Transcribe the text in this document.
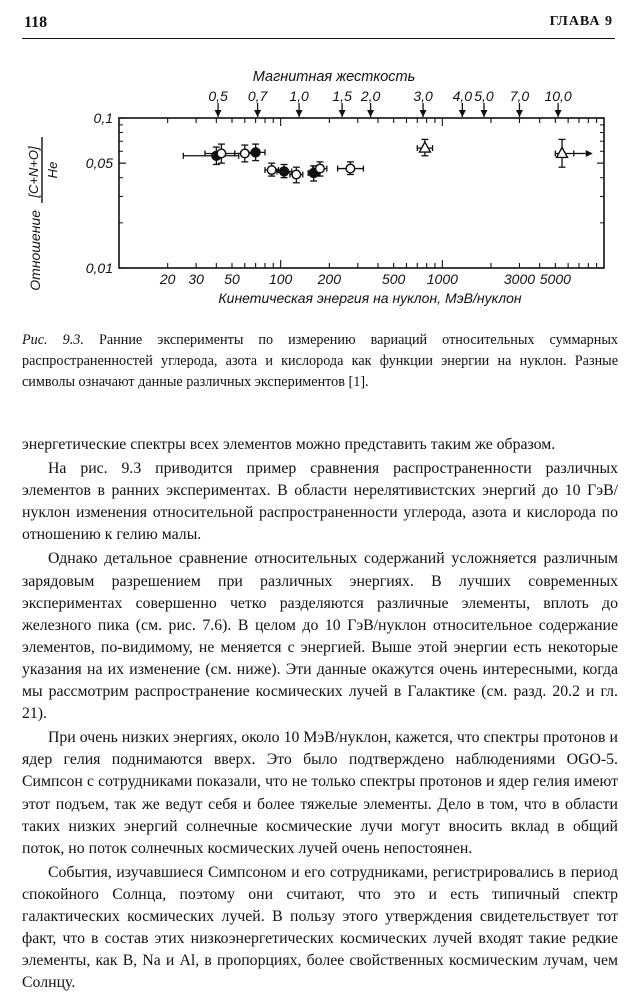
118	ГЛАВА 9
20 30 50 100 200	500 1000	3000 5000
0,01
0,05
0,1
0,5 0,7 1,0 1,5 2,0 3,0 4,0 5,0 7,0 10,0
Магнитная жесткость
Кинетическая энергия на нуклон, МэВ/нуклон
Отношение
[C+N+O] He
Рис. 9.3. Ранние эксперименты по измерению вариаций относительных суммарных распространенностей углерода, азота и кислорода как функции энергии на нуклон. Разные символы означают данные различных экспериментов [1].

энергетические спектры всех элементов можно представить таким же образом.

На рис. 9.3 приводится пример сравнения распространенности различных элементов в ранних экспериментах. В области нерелятивистских энергий до 10 ГэВ/нуклон изменения относительной распространенности углерода, азота и кислорода по отношению к гелию малы.

Однако детальное сравнение относительных содержаний усложняется различным зарядовым разрешением при различных энергиях. В лучших современных экспериментах совершенно четко разделяются различные элементы, вплоть до железного пика (см. рис. 7.6). В целом до 10 ГэВ/нуклон относительное содержание элементов, по-видимому, не меняется с энергией. Выше этой энергии есть некоторые указания на их изменение (см. ниже). Эти данные окажутся очень интересными, когда мы рассмотрим распространение космических лучей в Галактике (см. разд. 20.2 и гл. 21).

При очень низких энергиях, около 10 МэВ/нуклон, кажется, что спектры протонов и ядер гелия поднимаются вверх. Это было подтверждено наблюдениями OGO-5. Симпсон с сотрудниками показали, что не только спектры протонов и ядер гелия имеют этот подъем, так же ведут себя и более тяжелые элементы. Дело в том, что в области таких низких энергий солнечные космические лучи могут вносить вклад в общий поток, но поток солнечных космических лучей очень непостоянен.

События, изучавшиеся Симпсоном и его сотрудниками, регистрировались в период спокойного Солнца, поэтому они считают, что это и есть типичный спектр галактических космических лучей. В пользу этого утверждения свидетельствует тот факт, что в состав этих низкоэнергетических космических лучей входят такие редкие элементы, как B, Na и Al, в пропорциях, более свойственных космическим лучам, чем Солнцу.
